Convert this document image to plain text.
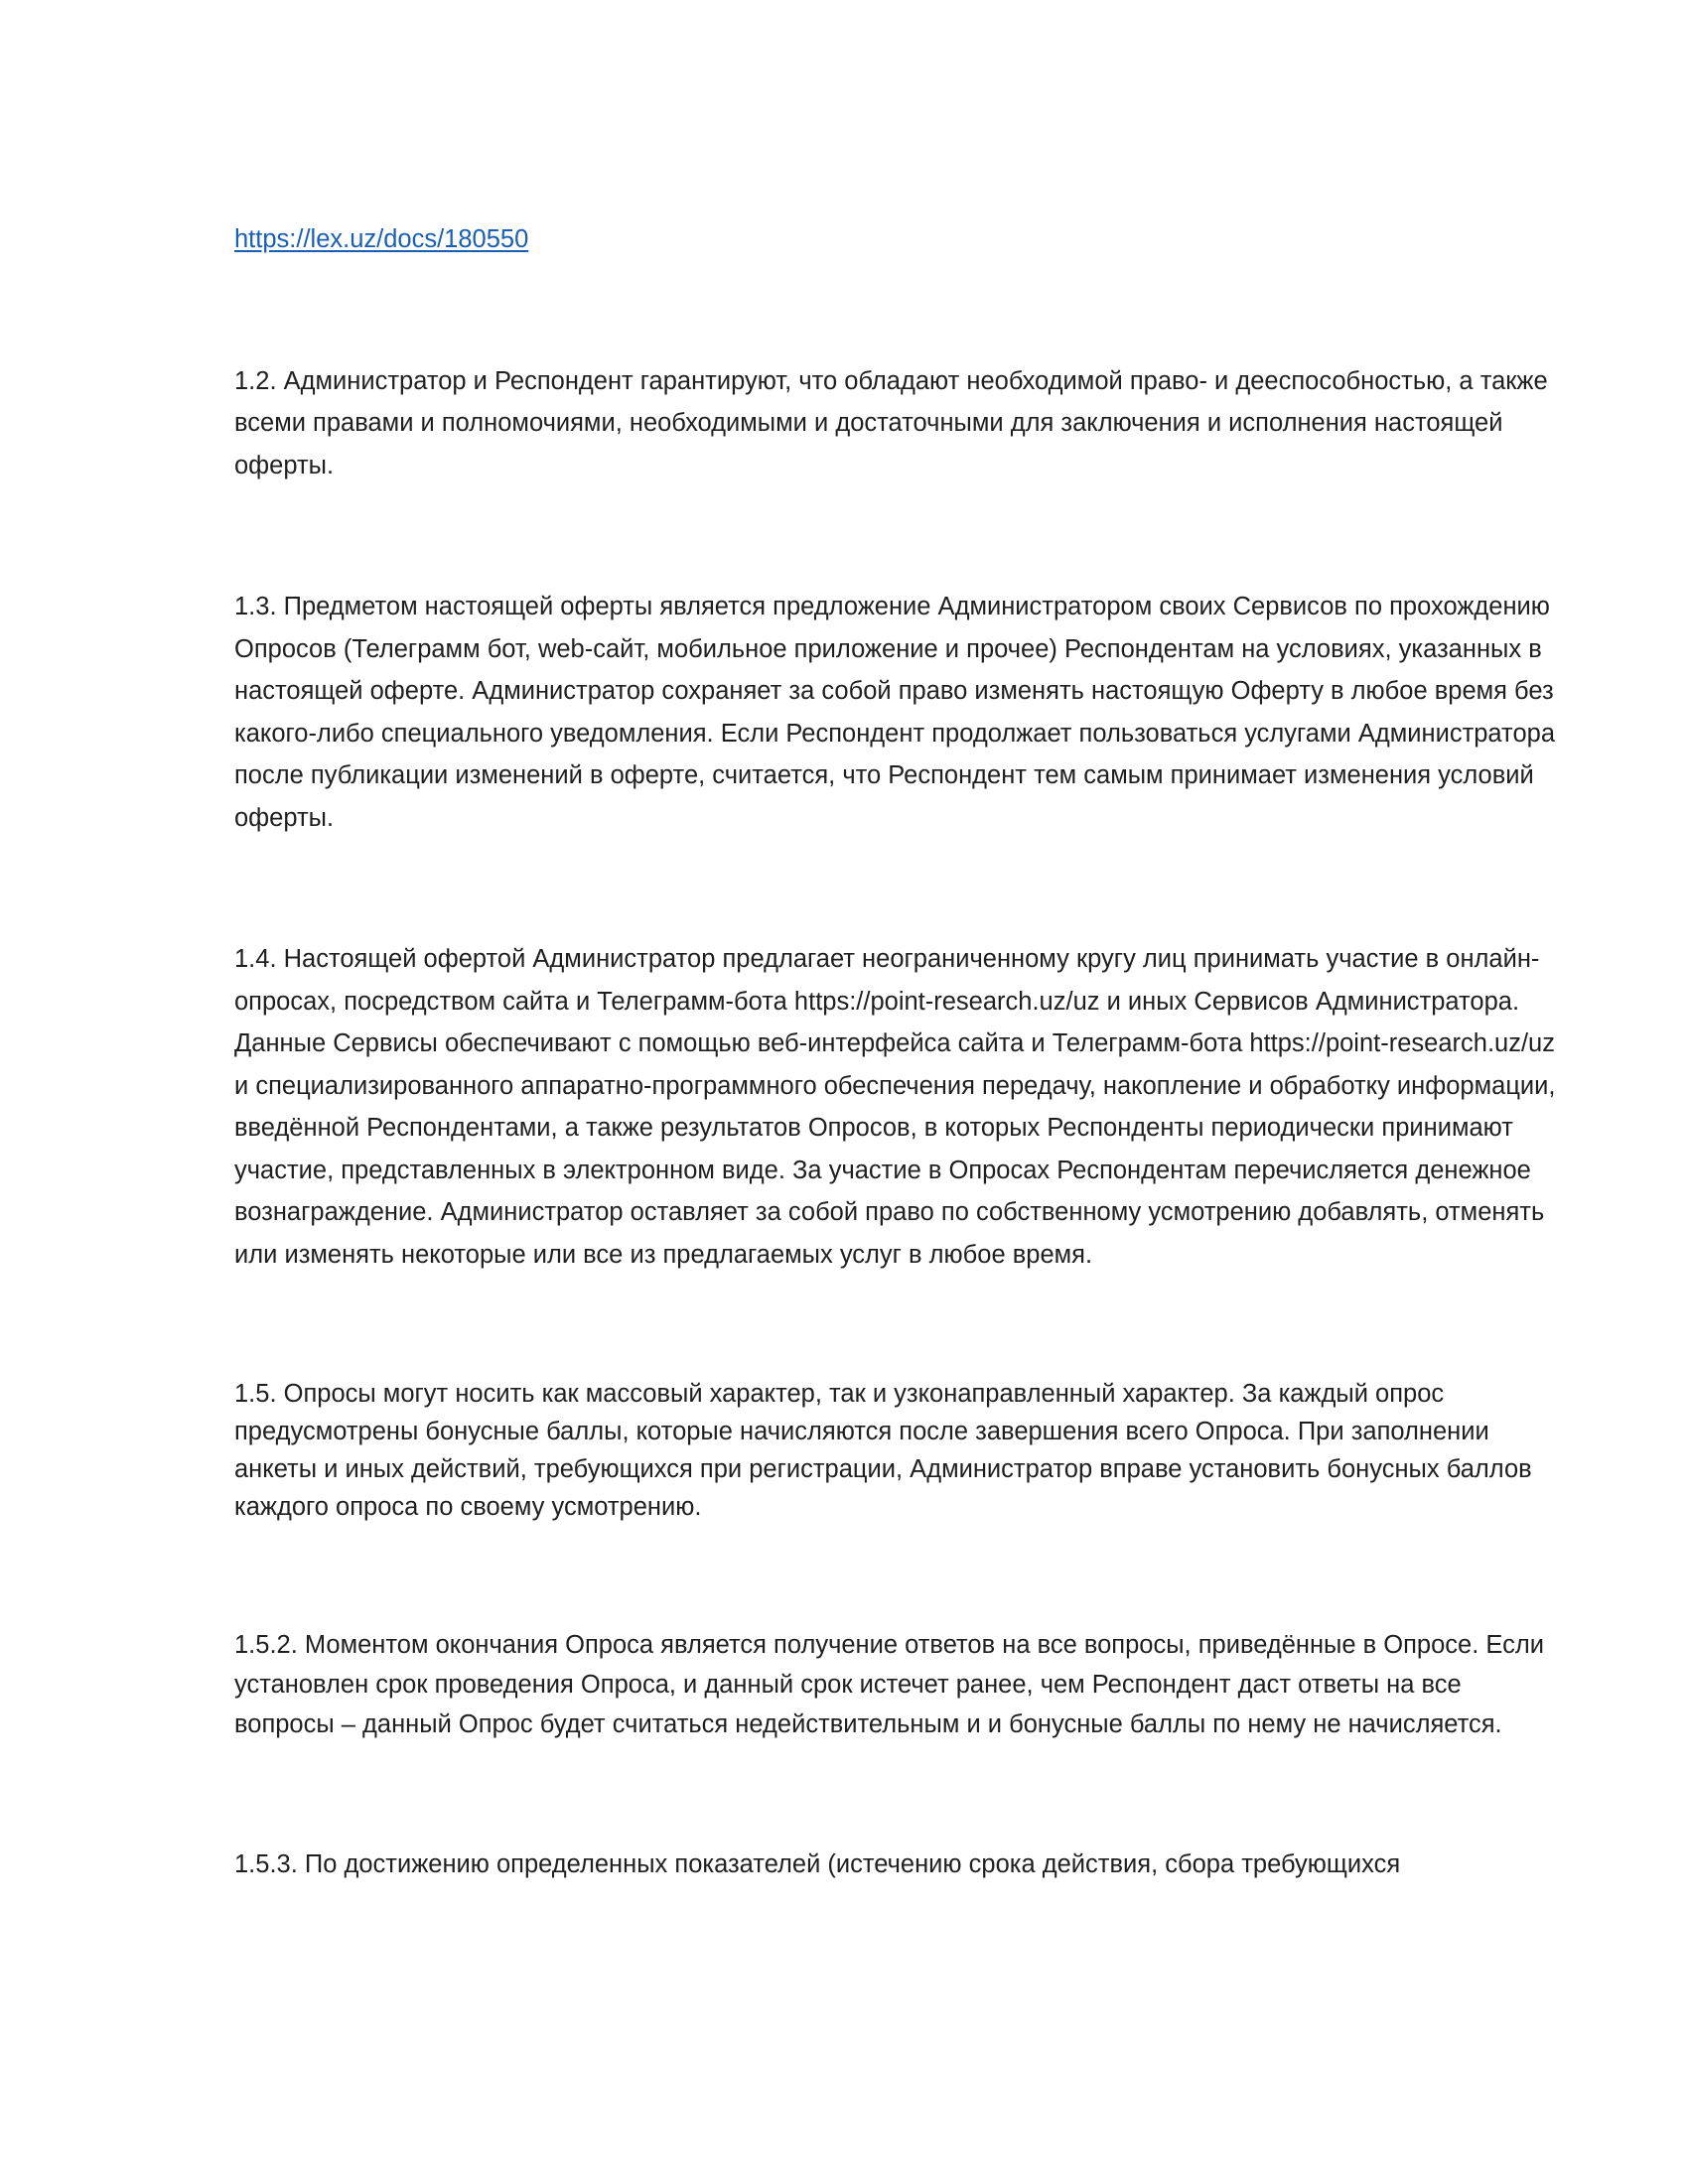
https://lex.uz/docs/180550

1.2. Администратор и Респондент гарантируют, что обладают необходимой право- и дееспособностью, а также всеми правами и полномочиями, необходимыми и достаточными для заключения и исполнения настоящей оферты.

1.3. Предметом настоящей оферты является предложение Администратором своих Сервисов по прохождению Опросов (Телеграмм бот, web-сайт, мобильное приложение и прочее) Респондентам на условиях, указанных в настоящей оферте. Администратор сохраняет за собой право изменять настоящую Оферту в любое время без какого-либо специального уведомления. Если Респондент продолжает пользоваться услугами Администратора после публикации изменений в оферте, считается, что Респондент тем самым принимает изменения условий оферты.

1.4. Настоящей офертой Администратор предлагает неограниченному кругу лиц принимать участие в онлайн-опросах, посредством сайта и Телеграмм-бота https://point-research.uz/uz и иных Сервисов Администратора. Данные Сервисы обеспечивают с помощью веб-интерфейса сайта и Телеграмм-бота https://point-research.uz/uz и специализированного аппаратно-программного обеспечения передачу, накопление и обработку информации, введённой Респондентами, а также результатов Опросов, в которых Респонденты периодически принимают участие, представленных в электронном виде. За участие в Опросах Респондентам перечисляется денежное вознаграждение. Администратор оставляет за собой право по собственному усмотрению добавлять, отменять или изменять некоторые или все из предлагаемых услуг в любое время.

1.5. Опросы могут носить как массовый характер, так и узконаправленный характер. За каждый опрос предусмотрены бонусные баллы, которые начисляются после завершения всего Опроса. При заполнении анкеты и иных действий, требующихся при регистрации, Администратор вправе установить бонусных баллов каждого опроса по своему усмотрению.

1.5.2. Моментом окончания Опроса является получение ответов на все вопросы, приведённые в Опросе. Если установлен срок проведения Опроса, и данный срок истечет ранее, чем Респондент даст ответы на все вопросы – данный Опрос будет считаться недействительным и и бонусные баллы по нему не начисляется.

1.5.3. По достижению определенных показателей (истечению срока действия, сбора требующихся
